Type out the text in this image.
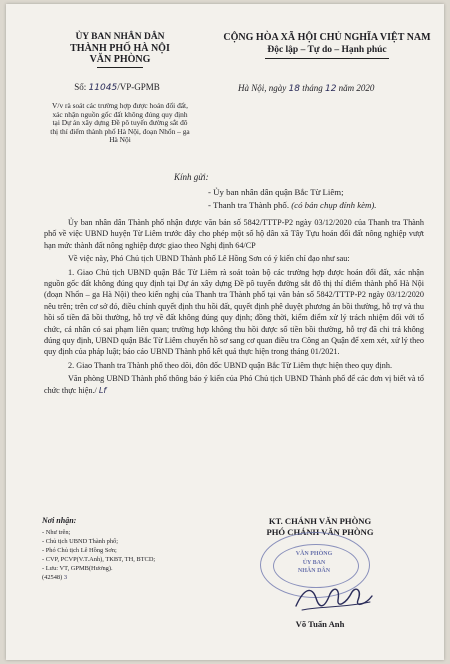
ỦY BAN NHÂN DÂN
THÀNH PHỐ HÀ NỘI
VĂN PHÒNG
CỘNG HÒA XÃ HỘI CHỦ NGHĨA VIỆT NAM
Độc lập – Tự do – Hạnh phúc
Số: 11045/VP-GPMB	Hà Nội, ngày 18 tháng 12 năm 2020
V/v rà soát các trường hợp được hoán đổi đất, xác nhận nguồn gốc đất không đúng quy định tại Dự án xây dựng Đề pô tuyến đường sắt đô thị thí điểm thành phố Hà Nội, đoạn Nhổn – ga Hà Nội
Kính gửi:
- Ủy ban nhân dân quận Bắc Từ Liêm;
- Thanh tra Thành phố. (có bản chụp đính kèm).

Ủy ban nhân dân Thành phố nhận được văn bản số 5842/TTTP-P2 ngày 03/12/2020 của Thanh tra Thành phố về việc UBND huyện Từ Liêm trước đây cho phép một số hộ dân xã Tây Tựu hoán đổi đất nông nghiệp vượt hạn mức thành đất nông nghiệp được giao theo Nghị định 64/CP

Về việc này, Phó Chủ tịch UBND Thành phố Lê Hồng Sơn có ý kiến chỉ đạo như sau:

1. Giao Chủ tịch UBND quận Bắc Từ Liêm rà soát toàn bộ các trường hợp được hoán đổi đất, xác nhận nguồn gốc đất không đúng quy định tại Dự án xây dựng Đề pô tuyến đường sắt đô thị thí điểm thành phố Hà Nội (đoạn Nhổn – ga Hà Nội) theo kiến nghị của Thanh tra Thành phố tại văn bản số 5842/TTTP-P2 ngày 03/12/2020 nêu trên; trên cơ sở đó, điều chỉnh quyết định thu hồi đất, quyết định phê duyệt phương án bồi thường, hỗ trợ và thu hồi số tiền đã bồi thường, hỗ trợ về đất không đúng quy định; đồng thời, kiểm điểm xử lý trách nhiệm đối với tổ chức, cá nhân có sai phạm liên quan; trường hợp không thu hồi được số tiền bồi thường, hỗ trợ đã chi trả không đúng quy định, UBND quận Bắc Từ Liêm chuyển hồ sơ sang cơ quan điều tra Công an Quận để xem xét, xử lý theo quy định của pháp luật; báo cáo UBND Thành phố kết quả thực hiện trong tháng 01/2021.

2. Giao Thanh tra Thành phố theo dõi, đôn đốc UBND quận Bắc Từ Liêm thực hiện theo quy định.

Văn phòng UBND Thành phố thông báo ý kiến của Phó Chủ tịch UBND Thành phố để các đơn vị biết và tổ chức thực hiện./ Lf

Nơi nhận:
- Như trên;
- Chủ tịch UBND Thành phố;
- Phó Chủ tịch Lê Hồng Sơn;
- CVP, PCVP(V.T.Anh), TKBT, TH, BTCD;
- Lưu: VT, GPMB(Hương).
(42548) 3
KT. CHÁNH VĂN PHÒNG
PHÓ CHÁNH VĂN PHÒNG
VĂN PHÒNG
ỦY BAN
NHÂN DÂN
Võ Tuấn Anh
